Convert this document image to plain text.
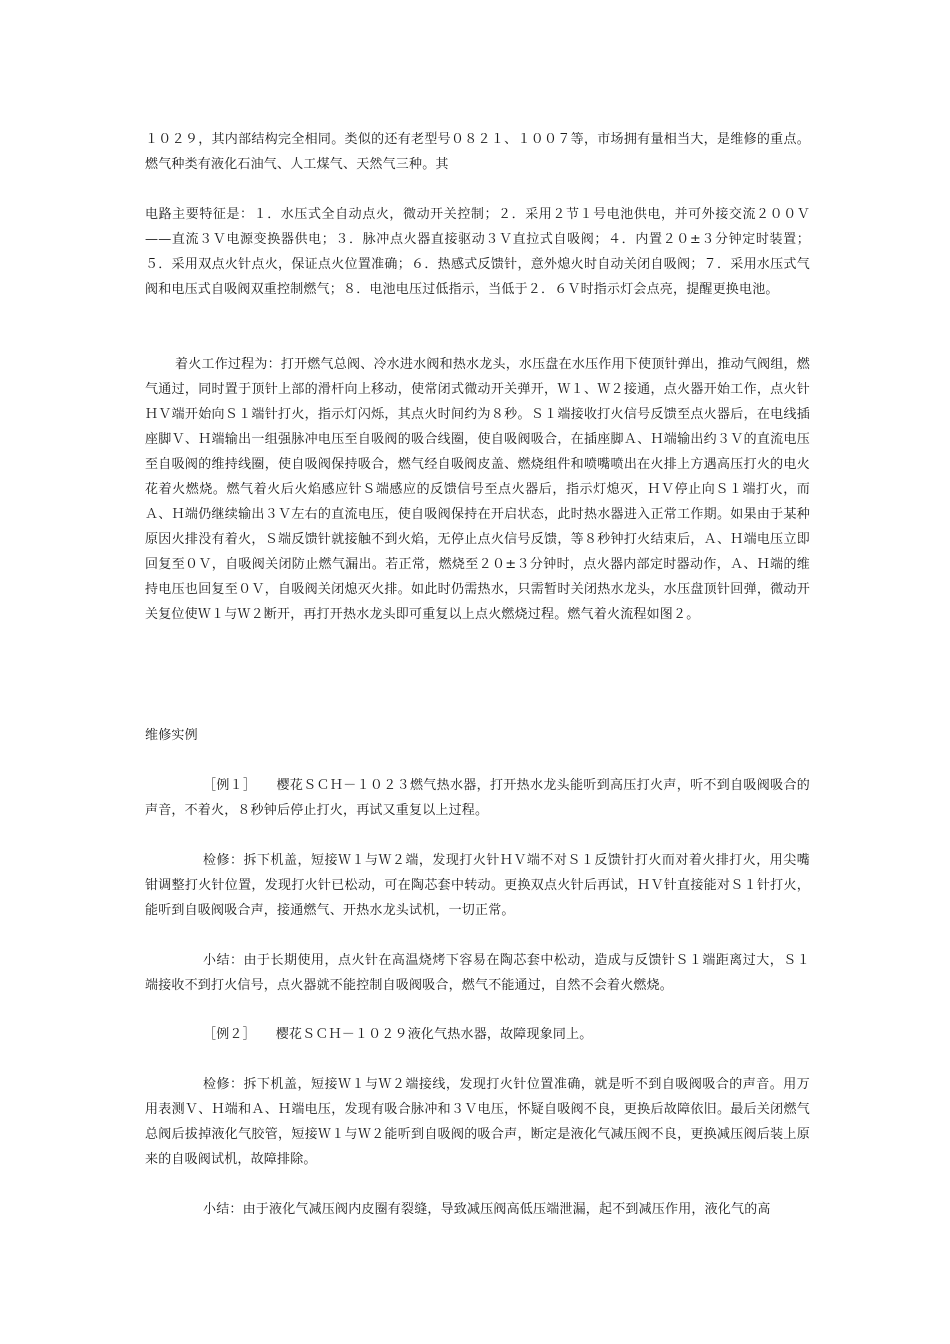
１０２９，其内部结构完全相同。类似的还有老型号０８２１、１００７等，市场拥有量相当大，是维修的重点。燃气种类有液化石油气、人工煤气、天然气三种。其

电路主要特征是：１．水压式全自动点火，微动开关控制；２．采用２节１号电池供电，并可外接交流２００Ｖ——直流３Ｖ电源变换器供电；３．脉冲点火器直接驱动３Ｖ直拉式自吸阀；４．内置２０±３分钟定时装置；５．采用双点火针点火，保证点火位置准确；６．热感式反馈针，意外熄火时自动关闭自吸阀；７．采用水压式气阀和电压式自吸阀双重控制燃气；８．电池电压过低指示，当低于２．６Ｖ时指示灯会点亮，提醒更换电池。

着火工作过程为：打开燃气总阀、冷水进水阀和热水龙头，水压盘在水压作用下使顶针弹出，推动气阀组，燃气通过，同时置于顶针上部的滑杆向上移动，使常闭式微动开关弹开，Ｗ１、Ｗ２接通，点火器开始工作，点火针ＨＶ端开始向Ｓ１端针打火，指示灯闪烁，其点火时间约为８秒。Ｓ１端接收打火信号反馈至点火器后，在电线插座脚Ｖ、Ｈ端输出一组强脉冲电压至自吸阀的吸合线圈，使自吸阀吸合，在插座脚Ａ、Ｈ端输出约３Ｖ的直流电压至自吸阀的维持线圈，使自吸阀保持吸合，燃气经自吸阀皮盖、燃烧组件和喷嘴喷出在火排上方遇高压打火的电火花着火燃烧。燃气着火后火焰感应针Ｓ端感应的反馈信号至点火器后，指示灯熄灭，ＨＶ停止向Ｓ１端打火，而Ａ、Ｈ端仍继续输出３Ｖ左右的直流电压，使自吸阀保持在开启状态，此时热水器进入正常工作期。如果由于某种原因火排没有着火，Ｓ端反馈针就接触不到火焰，无停止点火信号反馈，等８秒钟打火结束后，Ａ、Ｈ端电压立即回复至０Ｖ，自吸阀关闭防止燃气漏出。若正常，燃烧至２０±３分钟时，点火器内部定时器动作，Ａ、Ｈ端的维持电压也回复至０Ｖ，自吸阀关闭熄灭火排。如此时仍需热水，只需暂时关闭热水龙头，水压盘顶针回弹，微动开关复位使Ｗ１与Ｗ２断开，再打开热水龙头即可重复以上点火燃烧过程。燃气着火流程如图２。

维修实例

［例１］　　樱花ＳＣＨ－１０２３燃气热水器，打开热水龙头能听到高压打火声，听不到自吸阀吸合的声音，不着火，８秒钟后停止打火，再试又重复以上过程。

检修：拆下机盖，短接Ｗ１与Ｗ２端，发现打火针ＨＶ端不对Ｓ１反馈针打火而对着火排打火，用尖嘴钳调整打火针位置，发现打火针已松动，可在陶芯套中转动。更换双点火针后再试，ＨＶ针直接能对Ｓ１针打火，能听到自吸阀吸合声，接通燃气、开热水龙头试机，一切正常。

小结：由于长期使用，点火针在高温烧烤下容易在陶芯套中松动，造成与反馈针Ｓ１端距离过大，Ｓ１端接收不到打火信号，点火器就不能控制自吸阀吸合，燃气不能通过，自然不会着火燃烧。

［例２］　　樱花ＳＣＨ－１０２９液化气热水器，故障现象同上。

检修：拆下机盖，短接Ｗ１与Ｗ２端接线，发现打火针位置准确，就是听不到自吸阀吸合的声音。用万用表测Ｖ、Ｈ端和Ａ、Ｈ端电压，发现有吸合脉冲和３Ｖ电压，怀疑自吸阀不良，更换后故障依旧。最后关闭燃气总阀后拔掉液化气胶管，短接Ｗ１与Ｗ２能听到自吸阀的吸合声，断定是液化气减压阀不良，更换减压阀后装上原来的自吸阀试机，故障排除。

小结：由于液化气减压阀内皮圈有裂缝，导致减压阀高低压端泄漏，起不到减压作用，液化气的高
